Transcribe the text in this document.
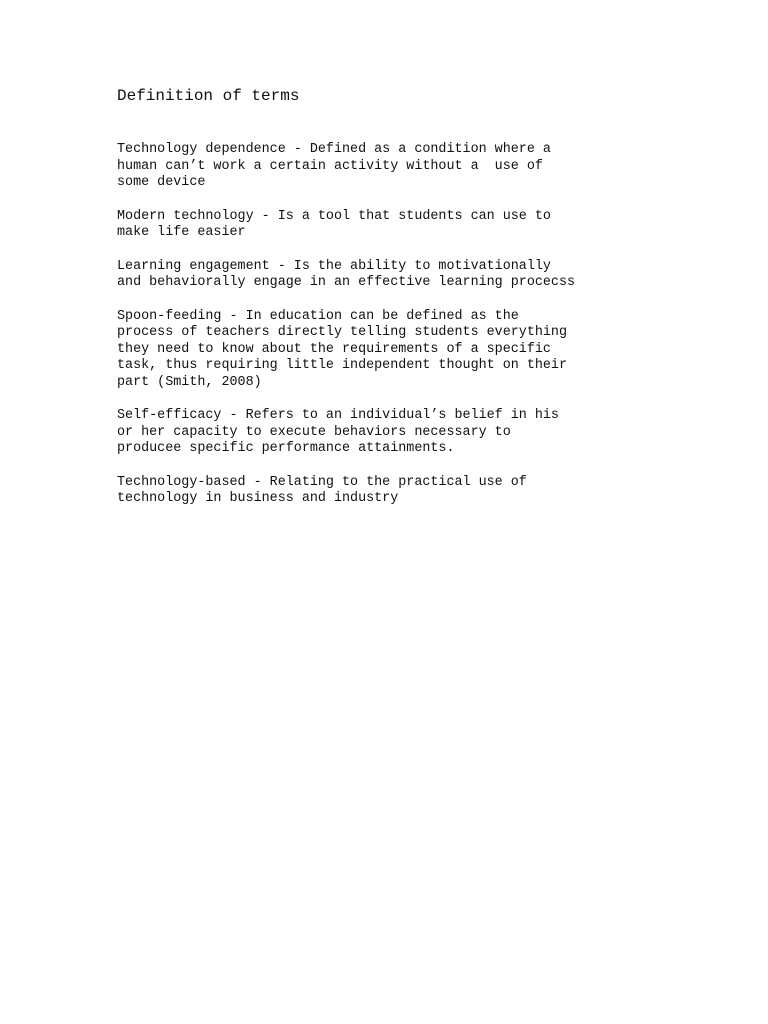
Definition of terms

Technology dependence - Defined as a condition where a
human can’t work a certain activity without a  use of
some device

Modern technology - Is a tool that students can use to
make life easier

Learning engagement - Is the ability to motivationally
and behaviorally engage in an effective learning procecss

Spoon-feeding - In education can be defined as the
process of teachers directly telling students everything
they need to know about the requirements of a specific
task, thus requiring little independent thought on their
part (Smith, 2008)

Self-efficacy - Refers to an individual’s belief in his
or her capacity to execute behaviors necessary to
producee specific performance attainments.

Technology-based - Relating to the practical use of
technology in business and industry
